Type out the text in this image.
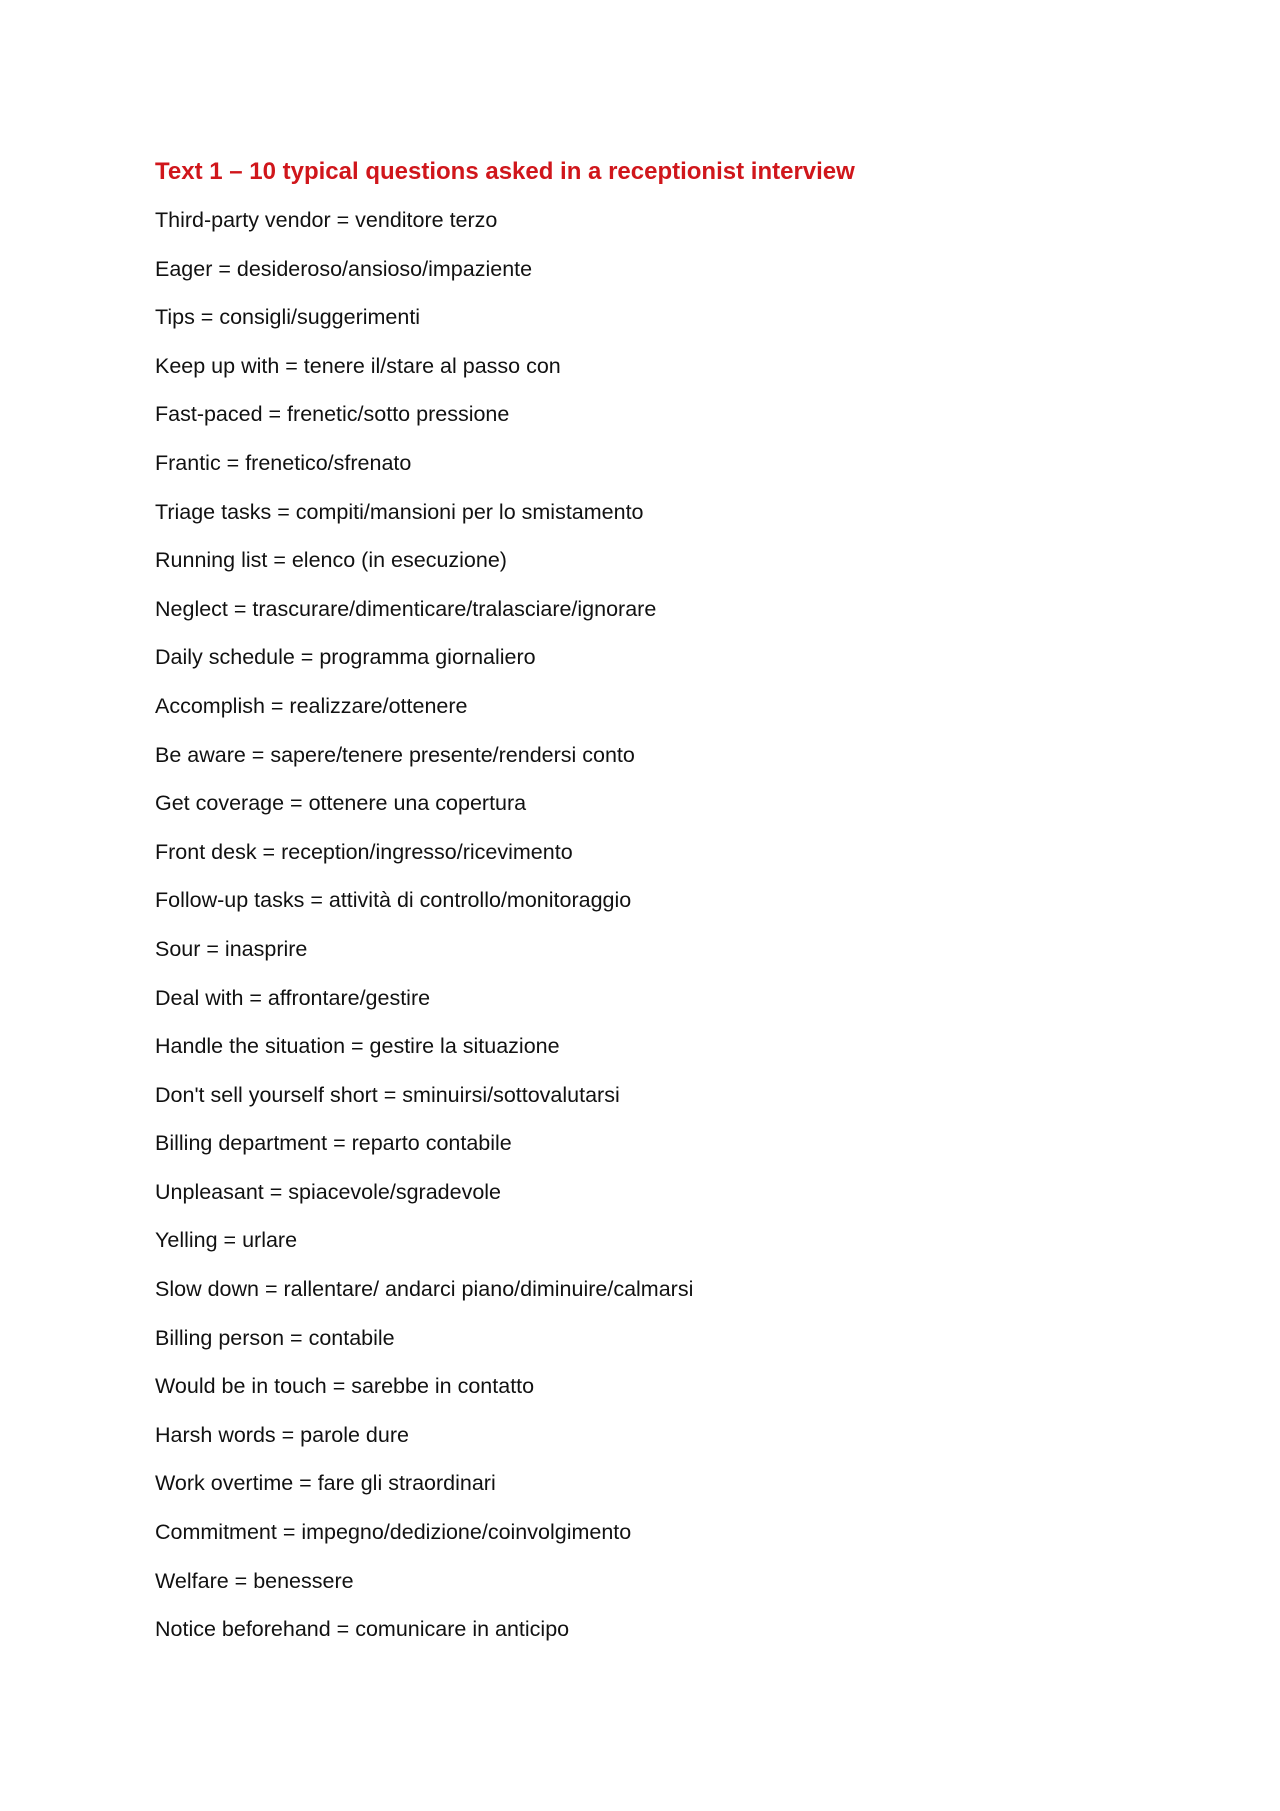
Text 1 – 10 typical questions asked in a receptionist interview
Third-party vendor = venditore terzo
Eager = desideroso/ansioso/impaziente
Tips = consigli/suggerimenti
Keep up with = tenere il/stare al passo con
Fast-paced = frenetic/sotto pressione
Frantic = frenetico/sfrenato
Triage tasks = compiti/mansioni per lo smistamento
Running list = elenco (in esecuzione)
Neglect = trascurare/dimenticare/tralasciare/ignorare
Daily schedule = programma giornaliero
Accomplish = realizzare/ottenere
Be aware = sapere/tenere presente/rendersi conto
Get coverage = ottenere una copertura
Front desk = reception/ingresso/ricevimento
Follow-up tasks = attività di controllo/monitoraggio
Sour = inasprire
Deal with = affrontare/gestire
Handle the situation = gestire la situazione
Don't sell yourself short = sminuirsi/sottovalutarsi
Billing department = reparto contabile
Unpleasant = spiacevole/sgradevole
Yelling = urlare
Slow down = rallentare/ andarci piano/diminuire/calmarsi
Billing person = contabile
Would be in touch = sarebbe in contatto
Harsh words = parole dure
Work overtime = fare gli straordinari
Commitment = impegno/dedizione/coinvolgimento
Welfare = benessere
Notice beforehand = comunicare in anticipo
